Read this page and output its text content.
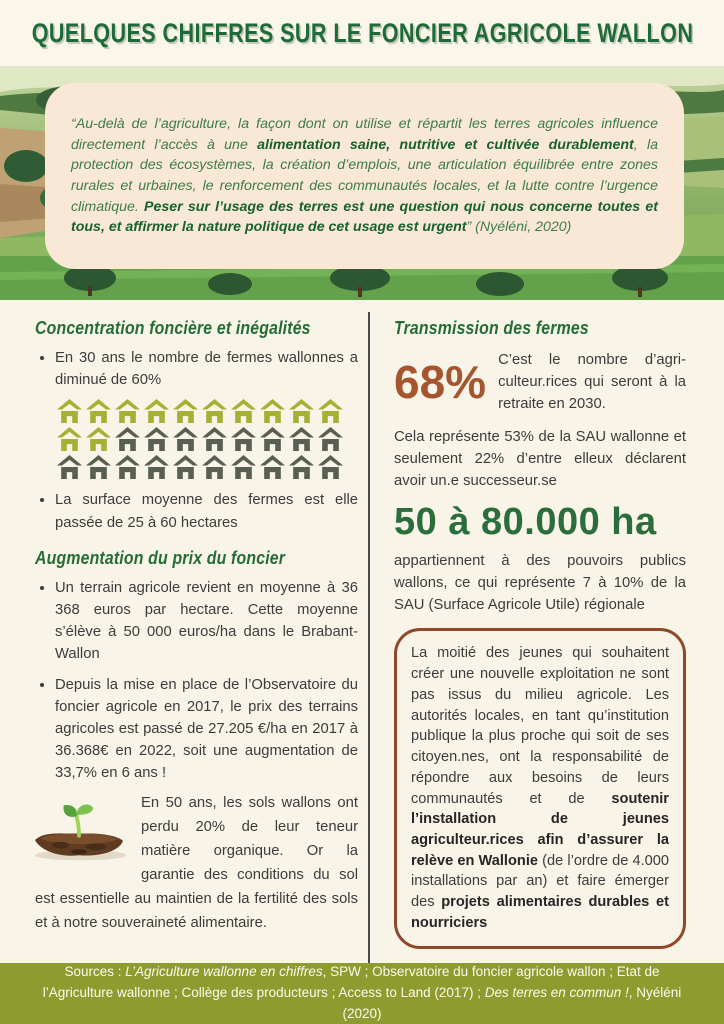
QUELQUES CHIFFRES SUR LE FONCIER AGRICOLE WALLON
“Au-delà de l’agriculture, la façon dont on utilise et répartit les terres agricoles influence directement l’accès à une alimentation saine, nutritive et cultivée durablement, la protection des écosystèmes, la création d’emplois, une articulation équilibrée entre zones rurales et urbaines, le renforcement des communautés locales, et la lutte contre l’urgence climatique. Peser sur l’usage des terres est une question qui nous concerne toutes et tous, et affirmer la nature politique de cet usage est urgent” (Nyéléni, 2020)
Concentration foncière et inégalités
• En 30 ans le nombre de fermes wallonnes a diminué de 60%
• La surface moyenne des fermes est elle passée de 25 à 60 hectares
Augmentation du prix du foncier
• Un terrain agricole revient en moyenne à 36 368 euros par hectare. Cette moyenne s’élève à 50 000 euros/ha dans le Brabant-Wallon
• Depuis la mise en place de l’Observatoire du foncier agricole en 2017, le prix des terrains agricoles est passé de 27.205 €/ha en 2017 à 36.368€ en 2022, soit une augmentation de 33,7% en 6 ans !
En 50 ans, les sols wallons ont perdu 20% de leur teneur matière organique. Or la garantie des conditions du sol est essentielle au maintien de la fertilité des sols et à notre souveraineté alimentaire.
Transmission des fermes
68% C’est le nombre d’agri-culteur.rices qui seront à la retraite en 2030.

Cela représente 53% de la SAU wallonne et seulement 22% d’entre elleux déclarent avoir un.e successeur.se

50 à 80.000 ha

appartiennent à des pouvoirs publics wallons, ce qui représente 7 à 10% de la SAU (Surface Agricole Utile) régionale

La moitié des jeunes qui souhaitent créer une nouvelle exploitation ne sont pas issus du milieu agricole. Les autorités locales, en tant qu’institution publique la plus proche qui soit de ses citoyen.nes, ont la responsabilité de répondre aux besoins de leurs communautés et de soutenir l’installation de jeunes agriculteur.rices afin d’assurer la relève en Wallonie (de l’ordre de 4.000 installations par an) et faire émerger des projets alimentaires durables et nourriciers
Sources : L’Agriculture wallonne en chiffres, SPW ; Observatoire du foncier agricole wallon ; Etat de l’Agriculture wallonne ; Collège des producteurs ; Access to Land (2017) ; Des terres en commun !, Nyéléni (2020)
